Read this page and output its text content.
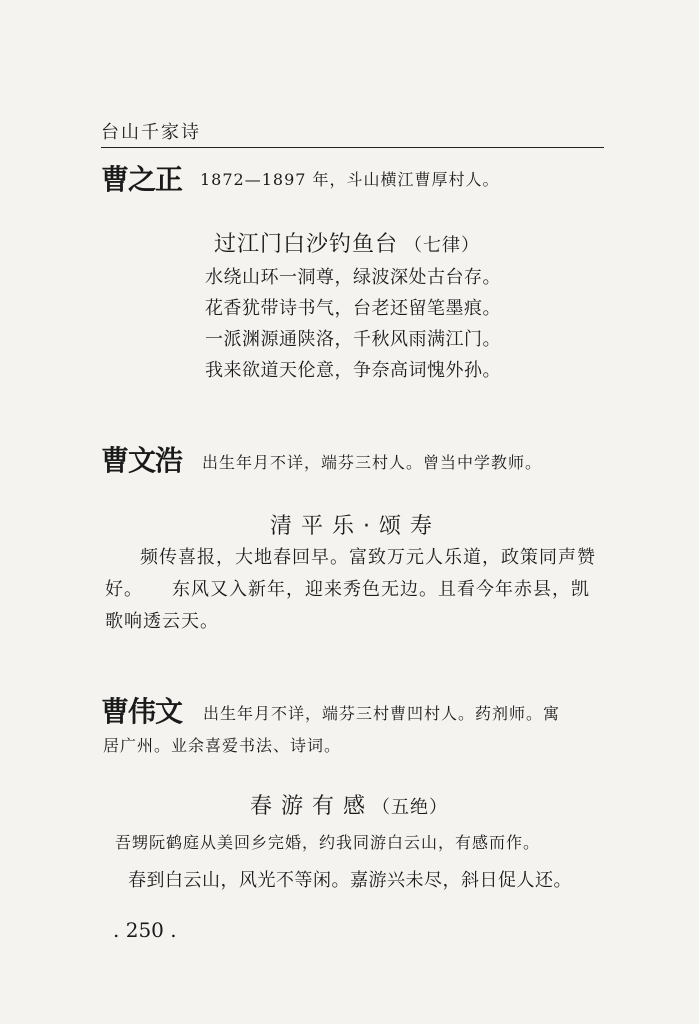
台山千家诗
曹之正 1872—1897 年，斗山横江曹厚村人。
过江门白沙钓鱼台 （七律）
水绕山环一洞尊，绿波深处古台存。
花香犹带诗书气，台老还留笔墨痕。
一派渊源通陕洛，千秋风雨满江门。
我来欲道天伦意，争奈高词愧外孙。
曹文浩 出生年月不详，端芬三村人。曾当中学教师。
清 平 乐 · 颂 寿
频传喜报，大地春回早。富致万元人乐道，政策同声赞
好。　　东风又入新年，迎来秀色无边。且看今年赤县，凯
歌响透云天。
曹伟文 出生年月不详，端芬三村曹凹村人。药剂师。寓
居广州。业余喜爱书法、诗词。
春 游 有 感 （五绝）
吾甥阮鹤庭从美回乡完婚，约我同游白云山，有感而作。
春到白云山，风光不等闲。嘉游兴未尽，斜日促人还。
. 250 .
